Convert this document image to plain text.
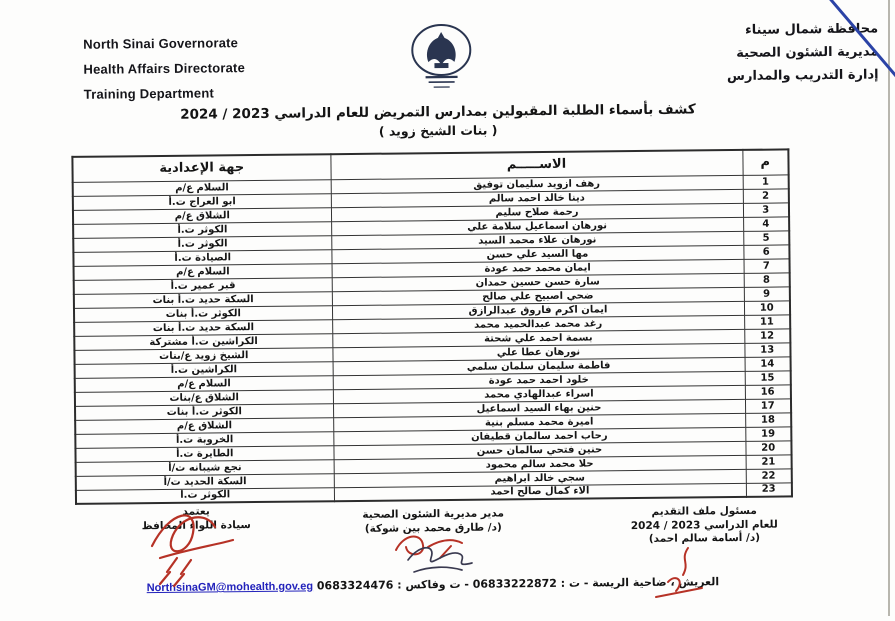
North Sinai Governorate
Health Affairs Directorate
Training Department
محافظة شمال سيناء
مديرية الشئون الصحية
إدارة التدريب والمدارس
كشف بأسماء الطلبة المقبولين بمدارس التمريض للعام الدراسي 2023 / 2024
( بنات الشيخ زويد )
م	الاســـــم	جهة الإعدادية
1	رهف ازويد سليمان توفيق	السلام ع/م
2	دينا خالد احمد سالم	ابو العراج ت.أ
3	رحمة صلاح سليم	الشلاق ع/م
4	نورهان اسماعيل سلامة علي	الكوثر ت.أ
5	نورهان علاء محمد السيد	الكوثر ت.أ
6	مها السيد علي حسن	الصيادة ت.أ
7	ايمان محمد حمد عودة	السلام ع/م
8	سارة حسن حسين حمدان	قبر عمير ت.أ
9	ضحي اصبيح علي صالح	السكة حديد ت.أ بنات
10	ايمان اكرم فاروق عبدالرازق	الكوثر ت.أ بنات
11	رغد محمد عبدالحميد محمد	السكة حديد ت.أ بنات
12	بسمة احمد علي شحتة	الكراشين ت.أ مشتركة
13	نورهان عطا علي	الشيخ زويد ع/بنات
14	فاطمة سليمان سلمان سلمي	الكراشين ت.أ
15	خلود احمد حمد عودة	السلام ع/م
16	اسراء عبدالهادي محمد	الشلاق ع/بنات
17	حنين بهاء السيد اسماعيل	الكوثر ت.أ بنات
18	اميرة محمد مسلم بنية	الشلاق ع/م
19	رحاب احمد سالمان قطيفان	الخروبة ت.أ
20	حنين فتحي سالمان حسن	الطايرة ت.أ
21	حلا محمد سالم محمود	نجع شيبانه ت/أ
22	سجي خالد ابراهيم	السكة الحديد ت/أ
23	الاء كمال صالح احمد	الكوثر ت.أ
مسئول ملف التقديم
للعام الدراسي 2023 / 2024
(د/ أسامة سالم احمد)
مدير مديرية الشئون الصحية
(د/ طارق محمد بين شوكة)
يعتمد
سيادة اللواء المحافظ
العريش ، ضاحية الريسة - ت : 06833222872 - ت وفاكس : 0683324476 NorthsinaGM@mohealth.gov.eg
